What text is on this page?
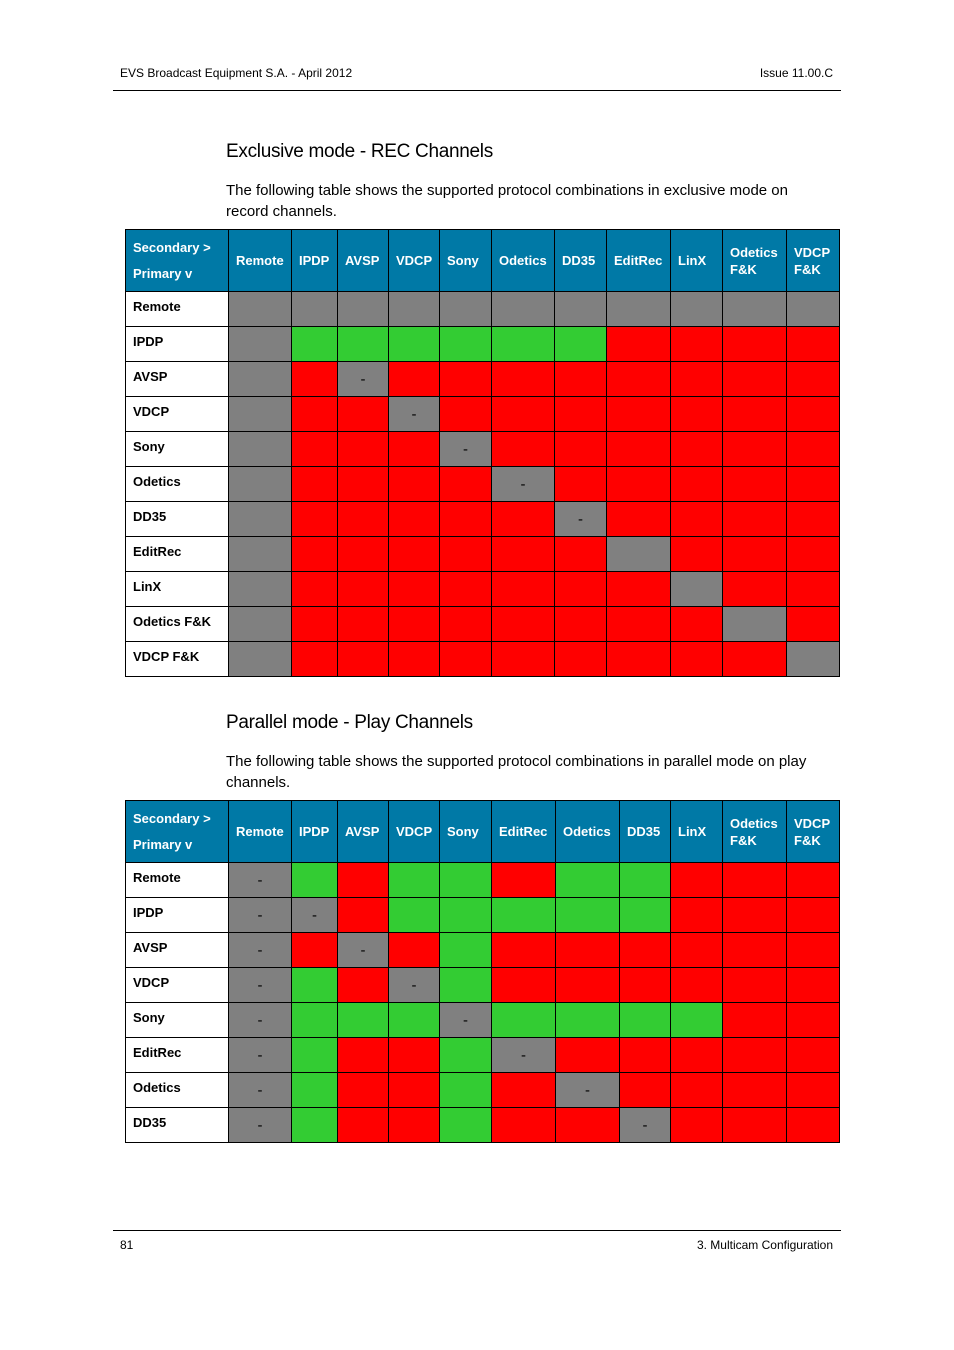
EVS Broadcast Equipment S.A. - April 2012	Issue 11.00.C
Exclusive mode - REC Channels
The following table shows the supported protocol combinations in exclusive mode on record channels.
Secondary >
Primary v	Remote	IPDP	AVSP	VDCP	Sony	Odetics	DD35	EditRec	LinX	Odetics F&K	VDCP F&K
Remote											
IPDP											
AVSP			-								
VDCP				-							
Sony					-						
Odetics						-					
DD35							-				
EditRec											
LinX											
Odetics F&K											
VDCP F&K											
Parallel mode - Play Channels
The following table shows the supported protocol combinations in parallel mode on play channels.
Secondary >
Primary v	Remote	IPDP	AVSP	VDCP	Sony	EditRec	Odetics	DD35	LinX	Odetics F&K	VDCP F&K
Remote	-										
IPDP	-	-									
AVSP	-		-								
VDCP	-			-							
Sony	-				-						
EditRec	-					-					
Odetics	-						-				
DD35	-							-			
81	3. Multicam Configuration
